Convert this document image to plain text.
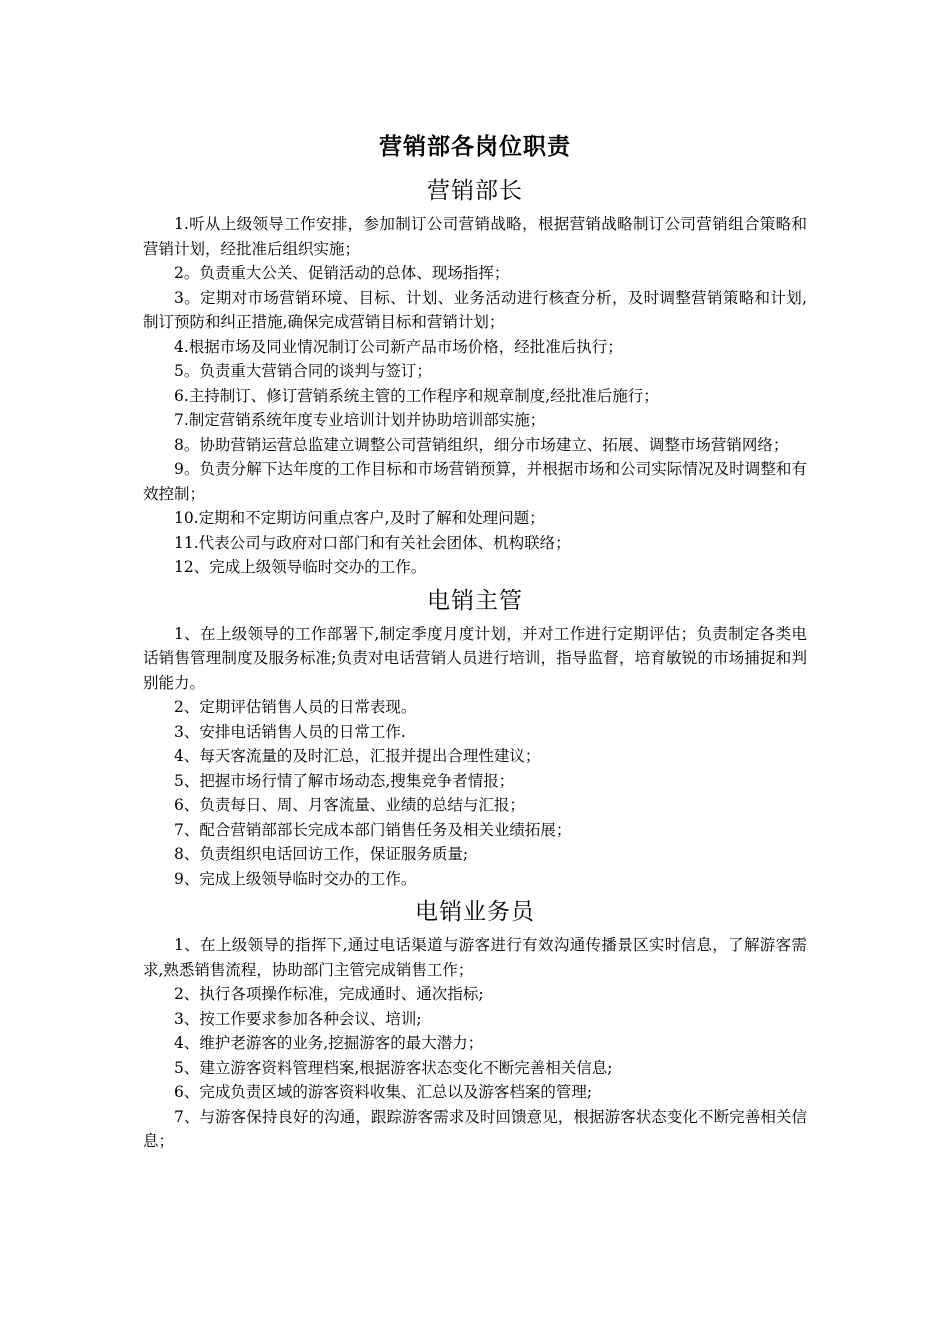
营销部各岗位职责
营销部长

1.听从上级领导工作安排，参加制订公司营销战略，根据营销战略制订公司营销组合策略和营销计划，经批准后组织实施；

2。负责重大公关、促销活动的总体、现场指挥；

3。定期对市场营销环境、目标、计划、业务活动进行核查分析，及时调整营销策略和计划,制订预防和纠正措施,确保完成营销目标和营销计划；

4.根据市场及同业情况制订公司新产品市场价格，经批准后执行；

5。负责重大营销合同的谈判与签订；

6.主持制订、修订营销系统主管的工作程序和规章制度,经批准后施行；

7.制定营销系统年度专业培训计划并协助培训部实施；

8。协助营销运营总监建立调整公司营销组织，细分市场建立、拓展、调整市场营销网络；

9。负责分解下达年度的工作目标和市场营销预算，并根据市场和公司实际情况及时调整和有效控制；

10.定期和不定期访问重点客户,及时了解和处理问题；

11.代表公司与政府对口部门和有关社会团体、机构联络；

12、完成上级领导临时交办的工作。

电销主管

1、在上级领导的工作部署下,制定季度月度计划，并对工作进行定期评估；负责制定各类电话销售管理制度及服务标准;负责对电话营销人员进行培训，指导监督，培育敏锐的市场捕捉和判别能力。

2、定期评估销售人员的日常表现。

3、安排电话销售人员的日常工作.

4、每天客流量的及时汇总，汇报并提出合理性建议；

5、把握市场行情了解市场动态,搜集竞争者情报；

6、负责每日、周、月客流量、业绩的总结与汇报；

7、配合营销部部长完成本部门销售任务及相关业绩拓展；

8、负责组织电话回访工作，保证服务质量;

9、完成上级领导临时交办的工作。

电销业务员

1、在上级领导的指挥下,通过电话渠道与游客进行有效沟通传播景区实时信息，了解游客需求,熟悉销售流程，协助部门主管完成销售工作；

2、执行各项操作标准，完成通时、通次指标;

3、按工作要求参加各种会议、培训;

4、维护老游客的业务,挖掘游客的最大潜力；

5、建立游客资料管理档案,根据游客状态变化不断完善相关信息;

6、完成负责区域的游客资料收集、汇总以及游客档案的管理;

7、与游客保持良好的沟通，跟踪游客需求及时回馈意见，根据游客状态变化不断完善相关信息；
